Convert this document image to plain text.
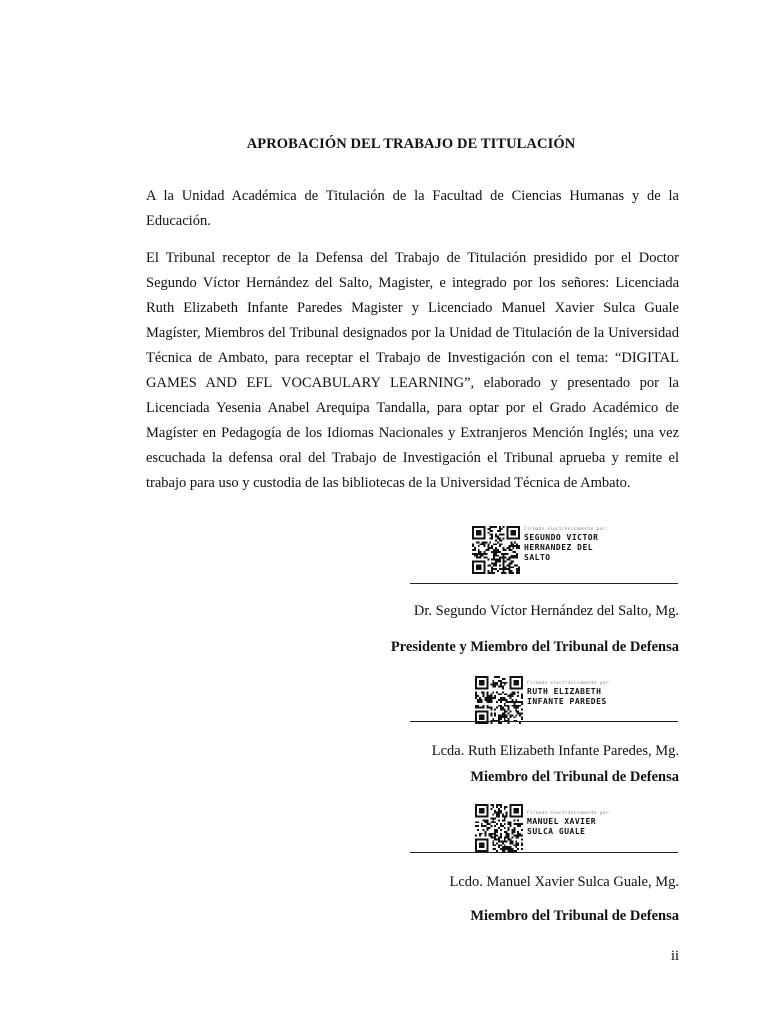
APROBACIÓN DEL TRABAJO DE TITULACIÓN
A la Unidad Académica de Titulación de la Facultad de Ciencias Humanas y de la Educación.
El Tribunal receptor de la Defensa del Trabajo de Titulación presidido por el Doctor Segundo Víctor Hernández del Salto, Magister, e integrado por los señores: Licenciada Ruth Elizabeth Infante Paredes Magister y Licenciado Manuel Xavier Sulca Guale Magíster, Miembros del Tribunal designados por la Unidad de Titulación de la Universidad Técnica de Ambato, para receptar el Trabajo de Investigación con el tema: “DIGITAL GAMES AND EFL VOCABULARY LEARNING”, elaborado y presentado por la Licenciada Yesenia Anabel Arequipa Tandalla, para optar por el Grado Académico de Magíster en Pedagogía de los Idiomas Nacionales y Extranjeros Mención Inglés; una vez escuchada la defensa oral del Trabajo de Investigación el Tribunal aprueba y remite el trabajo para uso y custodia de las bibliotecas de la Universidad Técnica de Ambato.
Firmado electrónicamente por:
SEGUNDO VICTOR
HERNANDEZ DEL
SALTO
Dr. Segundo Víctor Hernández del Salto, Mg.
Presidente y Miembro del Tribunal de Defensa
Firmado electrónicamente por:
RUTH ELIZABETH
INFANTE PAREDES
Lcda. Ruth Elizabeth Infante Paredes, Mg.
Miembro del Tribunal de Defensa
Firmado electrónicamente por:
MANUEL XAVIER
SULCA GUALE
Lcdo. Manuel Xavier Sulca Guale, Mg.
Miembro del Tribunal de Defensa
ii
